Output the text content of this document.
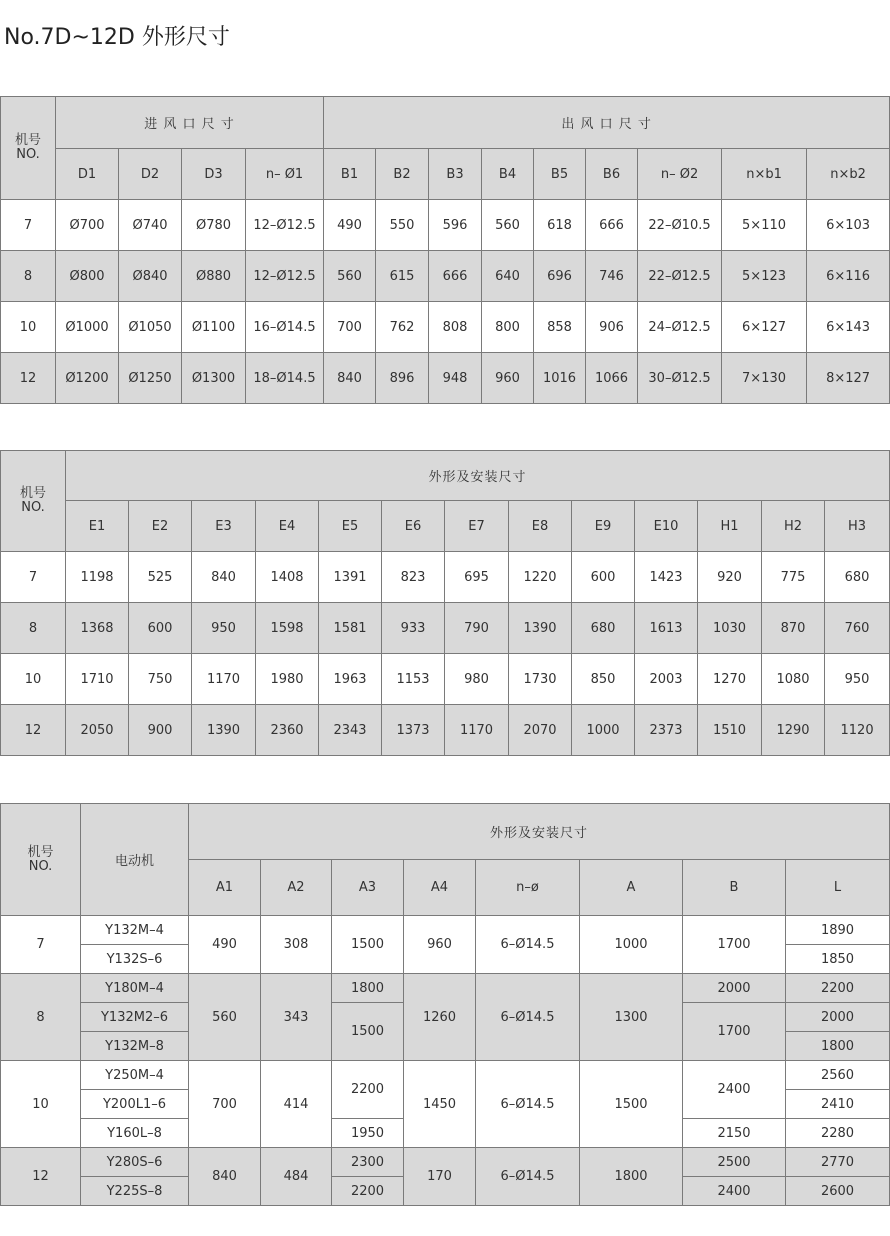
No.7D~12D 外形尺寸
机号
NO.	进 风 口 尺 寸				出 风 口 尺 寸								
	D1	D2	D3	n– Ø1	B1	B2	B3	B4	B5	B6	n– Ø2	n×b1	n×b2
7	Ø700	Ø740	Ø780	12–Ø12.5	490	550	596	560	618	666	22–Ø10.5	5×110	6×103
8	Ø800	Ø840	Ø880	12–Ø12.5	560	615	666	640	696	746	22–Ø12.5	5×123	6×116
10	Ø1000	Ø1050	Ø1100	16–Ø14.5	700	762	808	800	858	906	24–Ø12.5	6×127	6×143
12	Ø1200	Ø1250	Ø1300	18–Ø14.5	840	896	948	960	1016	1066	30–Ø12.5	7×130	8×127
机号
NO.	外形及安装尺寸												
	E1	E2	E3	E4	E5	E6	E7	E8	E9	E10	H1	H2	H3
7	1198	525	840	1408	1391	823	695	1220	600	1423	920	775	680
8	1368	600	950	1598	1581	933	790	1390	680	1613	1030	870	760
10	1710	750	1170	1980	1963	1153	980	1730	850	2003	1270	1080	950
12	2050	900	1390	2360	2343	1373	1170	2070	1000	2373	1510	1290	1120
机号
NO.	电动机	外形及安装尺寸							
		A1	A2	A3	A4	n–ø	A	B	L
7	Y132M–4	490	308	1500	960	6–Ø14.5	1000	1700	1890
	Y132S–6								1850
8	Y180M–4	560	343	1800	1260	6–Ø14.5	1300	2000	2200
	Y132M2–6			1500				1700	2000
	Y132M–8								1800
10	Y250M–4	700	414	2200	1450	6–Ø14.5	1500	2400	2560
	Y200L1–6								2410
	Y160L–8			1950				2150	2280
12	Y280S–6	840	484	2300	170	6–Ø14.5	1800	2500	2770
	Y225S–8			2200				2400	2600
